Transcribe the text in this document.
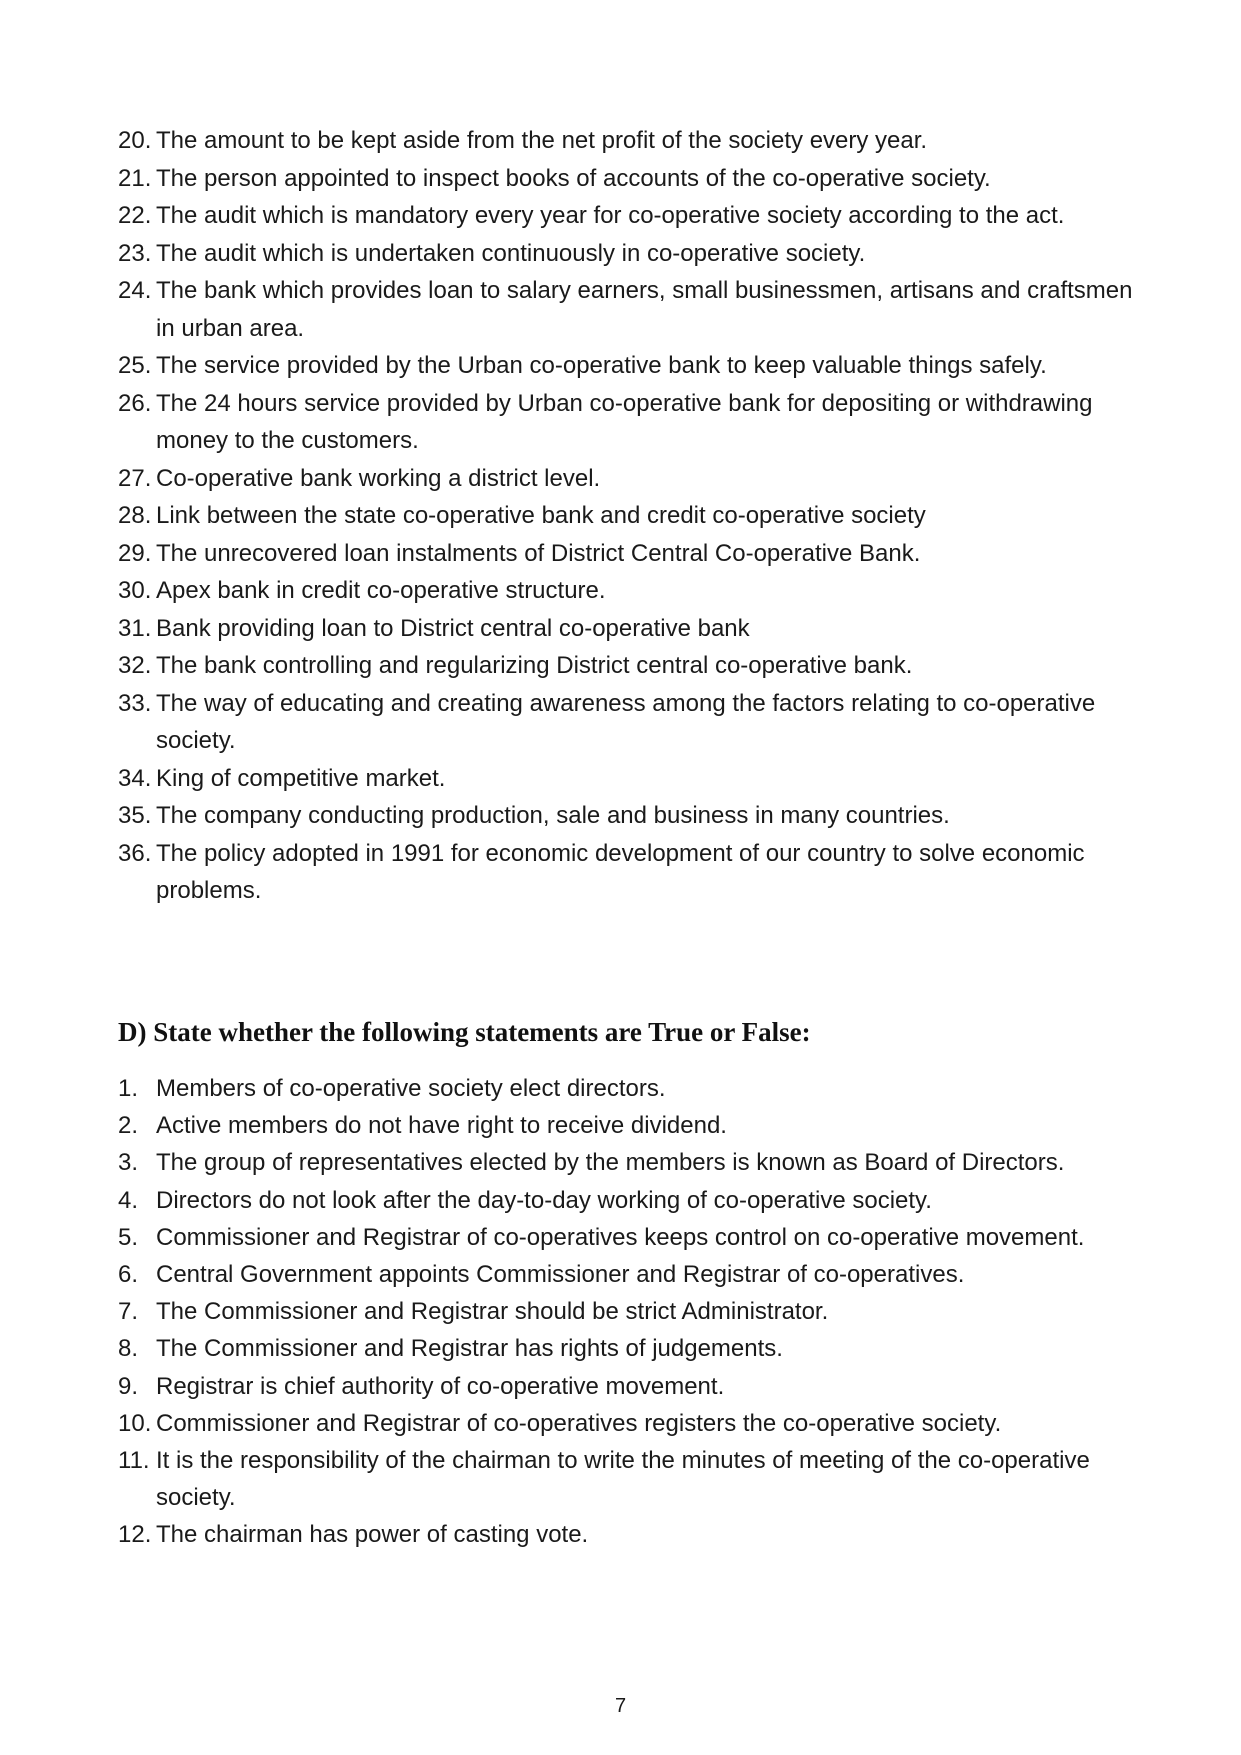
20. The amount to be kept aside from the net profit of the society every year.
21. The person appointed to inspect books of accounts of the co-operative society.
22. The audit which is mandatory every year for co-operative society according to the act.
23. The audit which is undertaken continuously in co-operative society.
24. The bank which provides loan to salary earners, small businessmen, artisans and craftsmen in urban area.
25. The service provided by the Urban co-operative bank to keep valuable things safely.
26. The 24 hours service provided by Urban co-operative bank for depositing or withdrawing money to the customers.
27. Co-operative bank working a district level.
28. Link between the state co-operative bank and credit co-operative society
29. The unrecovered loan instalments of District Central Co-operative Bank.
30. Apex bank in credit co-operative structure.
31. Bank providing loan to District central co-operative bank
32. The bank controlling and regularizing District central co-operative bank.
33. The way of educating and creating awareness among the factors relating to co-operative society.
34. King of competitive market.
35. The company conducting production, sale and business in many countries.
36. The policy adopted in 1991 for economic development of our country to solve economic problems.
D) State whether the following statements are True or False:
1. Members of co-operative society elect directors.
2. Active members do not have right to receive dividend.
3. The group of representatives elected by the members is known as Board of Directors.
4. Directors do not look after the day-to-day working of co-operative society.
5. Commissioner and Registrar of co-operatives keeps control on co-operative movement.
6. Central Government appoints Commissioner and Registrar of co-operatives.
7. The Commissioner and Registrar should be strict Administrator.
8. The Commissioner and Registrar has rights of judgements.
9. Registrar is chief authority of co-operative movement.
10. Commissioner and Registrar of co-operatives registers the co-operative society.
11. It is the responsibility of the chairman to write the minutes of meeting of the co-operative society.
12. The chairman has power of casting vote.
7
